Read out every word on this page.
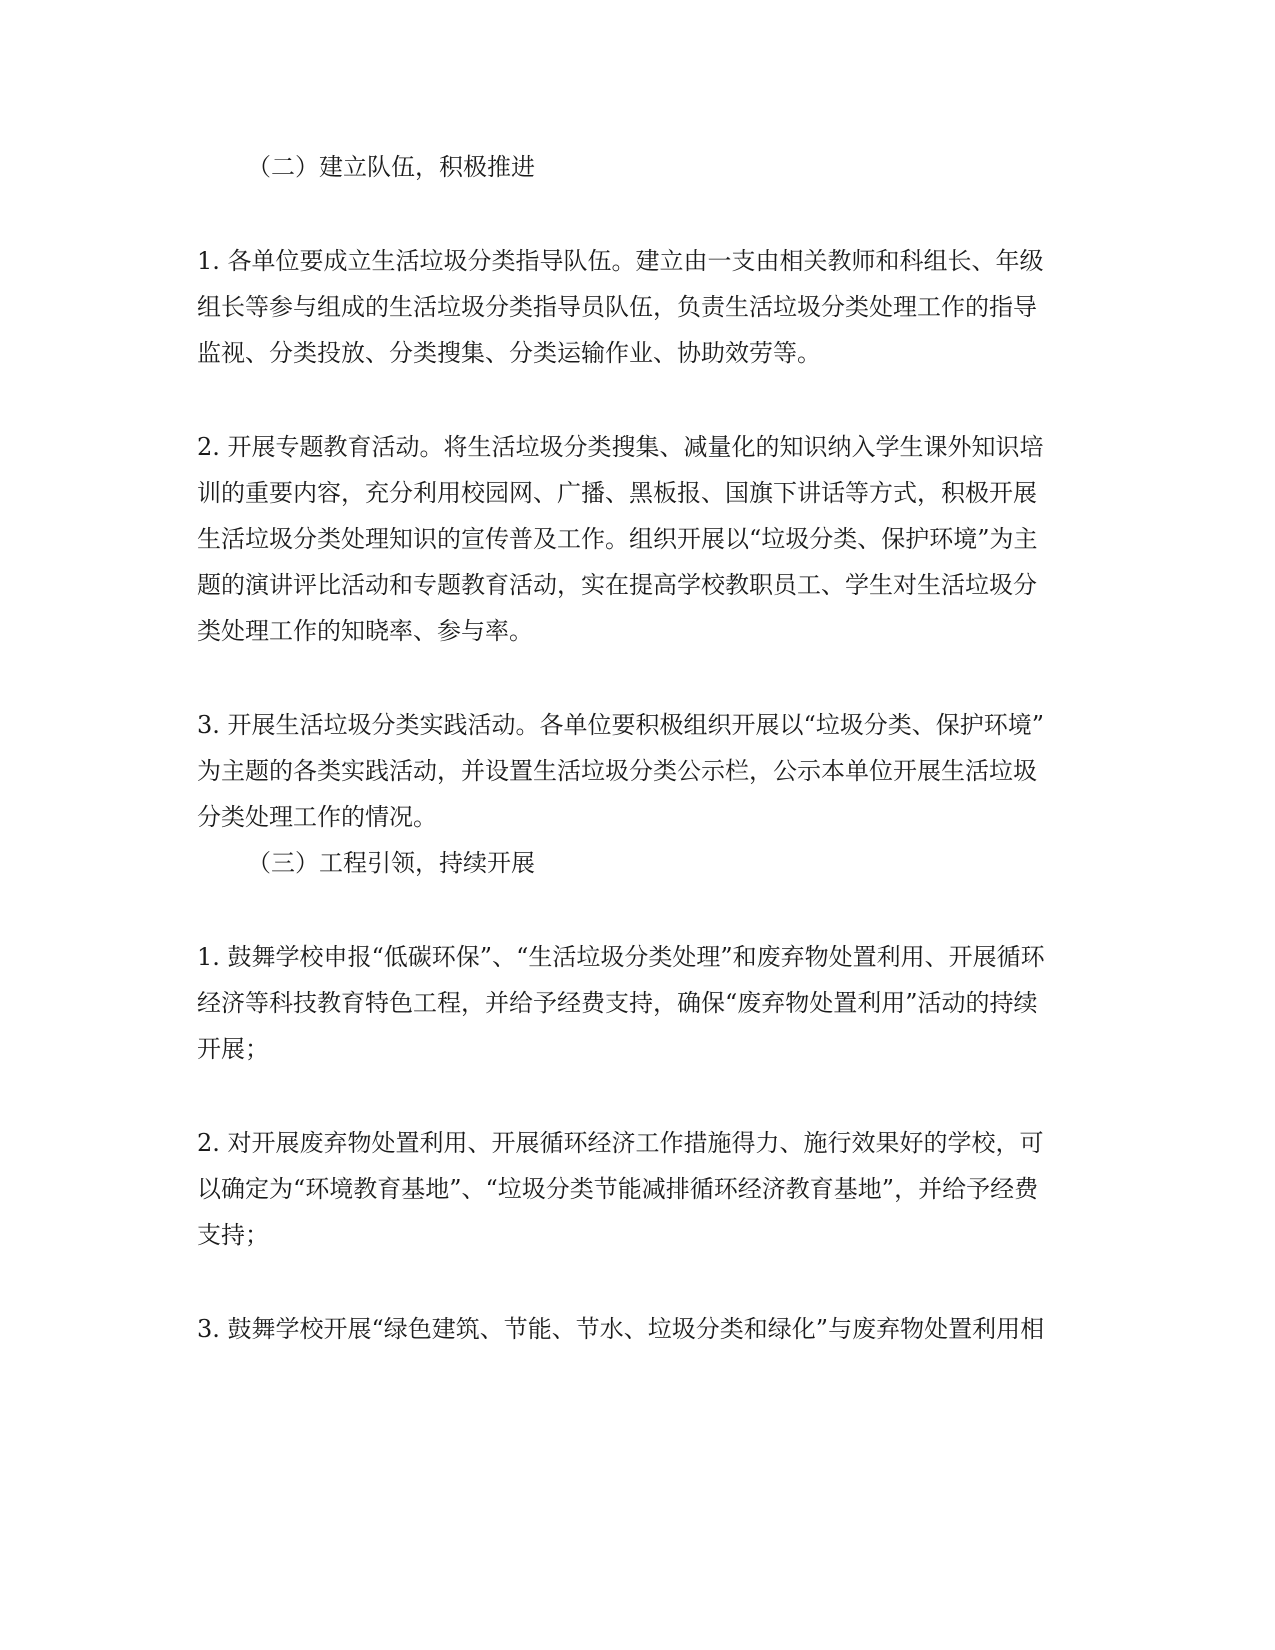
（二）建立队伍，积极推进
1. 各单位要成立生活垃圾分类指导队伍。建立由一支由相关教师和科组长、年级
组长等参与组成的生活垃圾分类指导员队伍，负责生活垃圾分类处理工作的指导
监视、分类投放、分类搜集、分类运输作业、协助效劳等。
2. 开展专题教育活动。将生活垃圾分类搜集、减量化的知识纳入学生课外知识培
训的重要内容，充分利用校园网、广播、黑板报、国旗下讲话等方式，积极开展
生活垃圾分类处理知识的宣传普及工作。组织开展以“垃圾分类、保护环境”为主
题的演讲评比活动和专题教育活动，实在提高学校教职员工、学生对生活垃圾分
类处理工作的知晓率、参与率。
3. 开展生活垃圾分类实践活动。各单位要积极组织开展以“垃圾分类、保护环境”
为主题的各类实践活动，并设置生活垃圾分类公示栏，公示本单位开展生活垃圾
分类处理工作的情况。
（三）工程引领，持续开展
1. 鼓舞学校申报“低碳环保”、“生活垃圾分类处理”和废弃物处置利用、开展循环
经济等科技教育特色工程，并给予经费支持，确保“废弃物处置利用”活动的持续
开展；
2. 对开展废弃物处置利用、开展循环经济工作措施得力、施行效果好的学校，可
以确定为“环境教育基地”、“垃圾分类节能减排循环经济教育基地”，并给予经费
支持；
3. 鼓舞学校开展“绿色建筑、节能、节水、垃圾分类和绿化”与废弃物处置利用相
